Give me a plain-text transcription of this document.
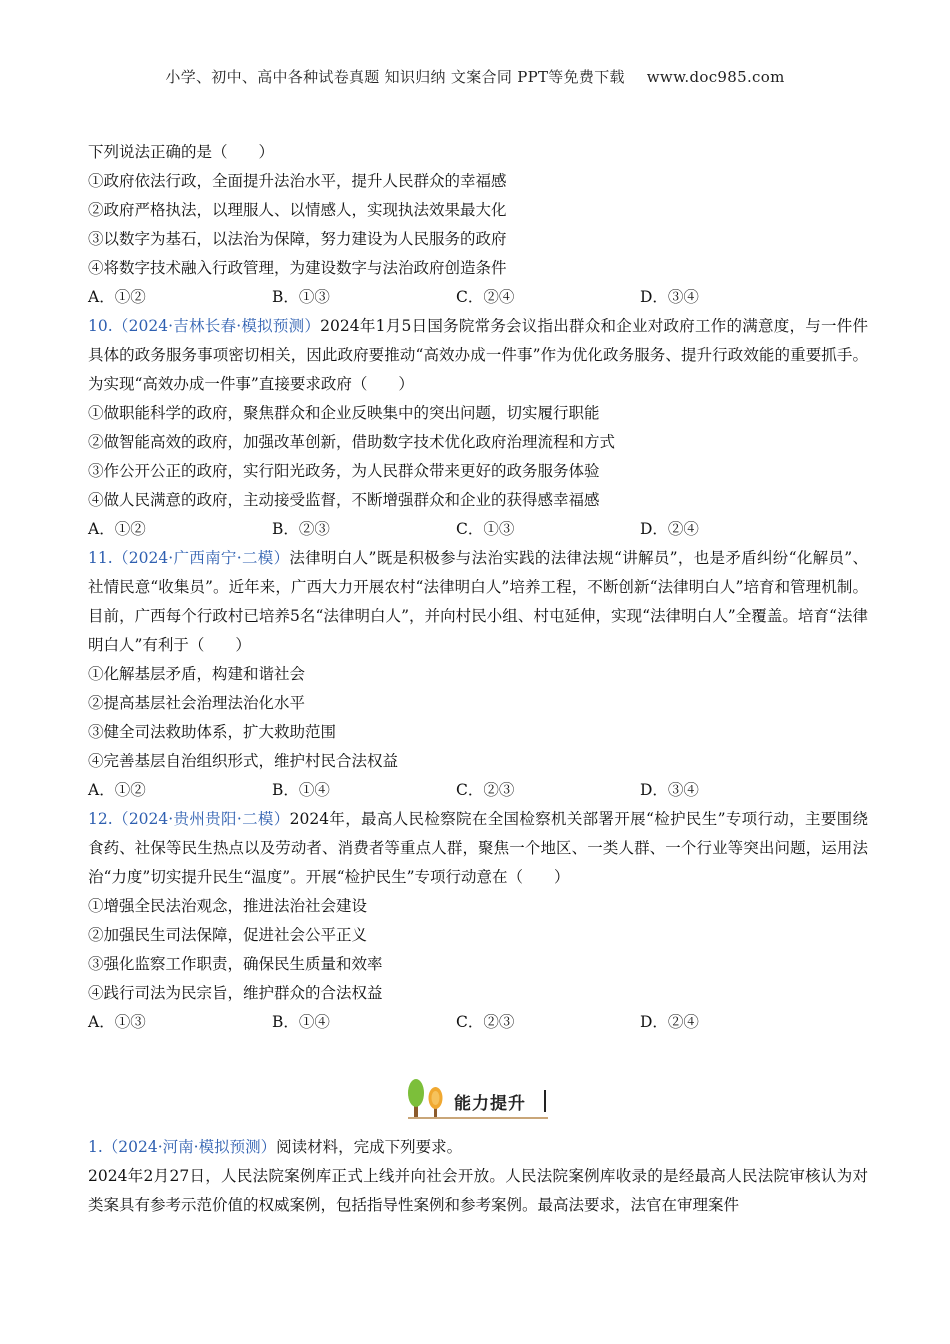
小学、初中、高中各种试卷真题 知识归纳 文案合同 PPT等免费下载 www.doc985.com
下列说法正确的是（　　）
①政府依法行政，全面提升法治水平，提升人民群众的幸福感
②政府严格执法，以理服人、以情感人，实现执法效果最大化
③以数字为基石，以法治为保障，努力建设为人民服务的政府
④将数字技术融入行政管理，为建设数字与法治政府创造条件
A．①②	B．①③	C．②④	D．③④
10.（2024·吉林长春·模拟预测）2024年1月5日国务院常务会议指出群众和企业对政府工作的满意度，与一件件具体的政务服务事项密切相关，因此政府要推动“高效办成一件事”作为优化政务服务、提升行政效能的重要抓手。为实现“高效办成一件事”直接要求政府（　　）
①做职能科学的政府，聚焦群众和企业反映集中的突出问题，切实履行职能
②做智能高效的政府，加强改革创新，借助数字技术优化政府治理流程和方式
③作公开公正的政府，实行阳光政务，为人民群众带来更好的政务服务体验
④做人民满意的政府，主动接受监督，不断增强群众和企业的获得感幸福感
A．①②	B．②③	C．①③	D．②④
11.（2024·广西南宁·二模）法律明白人”既是积极参与法治实践的法律法规“讲解员”，也是矛盾纠纷“化解员”、社情民意“收集员”。近年来，广西大力开展农村“法律明白人”培养工程，不断创新“法律明白人”培育和管理机制。目前，广西每个行政村已培养5名“法律明白人”，并向村民小组、村屯延伸，实现“法律明白人”全覆盖。培育“法律明白人”有利于（　　）
①化解基层矛盾，构建和谐社会
②提高基层社会治理法治化水平
③健全司法救助体系，扩大救助范围
④完善基层自治组织形式，维护村民合法权益
A．①②	B．①④	C．②③	D．③④
12.（2024·贵州贵阳·二模）2024年，最高人民检察院在全国检察机关部署开展“检护民生”专项行动，主要围绕食药、社保等民生热点以及劳动者、消费者等重点人群，聚焦一个地区、一类人群、一个行业等突出问题，运用法治“力度”切实提升民生“温度”。开展“检护民生”专项行动意在（　　）
①增强全民法治观念，推进法治社会建设
②加强民生司法保障，促进社会公平正义
③强化监察工作职责，确保民生质量和效率
④践行司法为民宗旨，维护群众的合法权益
A．①③	B．①④	C．②③	D．②④
能力提升
1.（2024·河南·模拟预测）阅读材料，完成下列要求。
2024年2月27日，人民法院案例库正式上线并向社会开放。人民法院案例库收录的是经最高人民法院审核认为对类案具有参考示范价值的权威案例，包括指导性案例和参考案例。最高法要求，法官在审理案件
